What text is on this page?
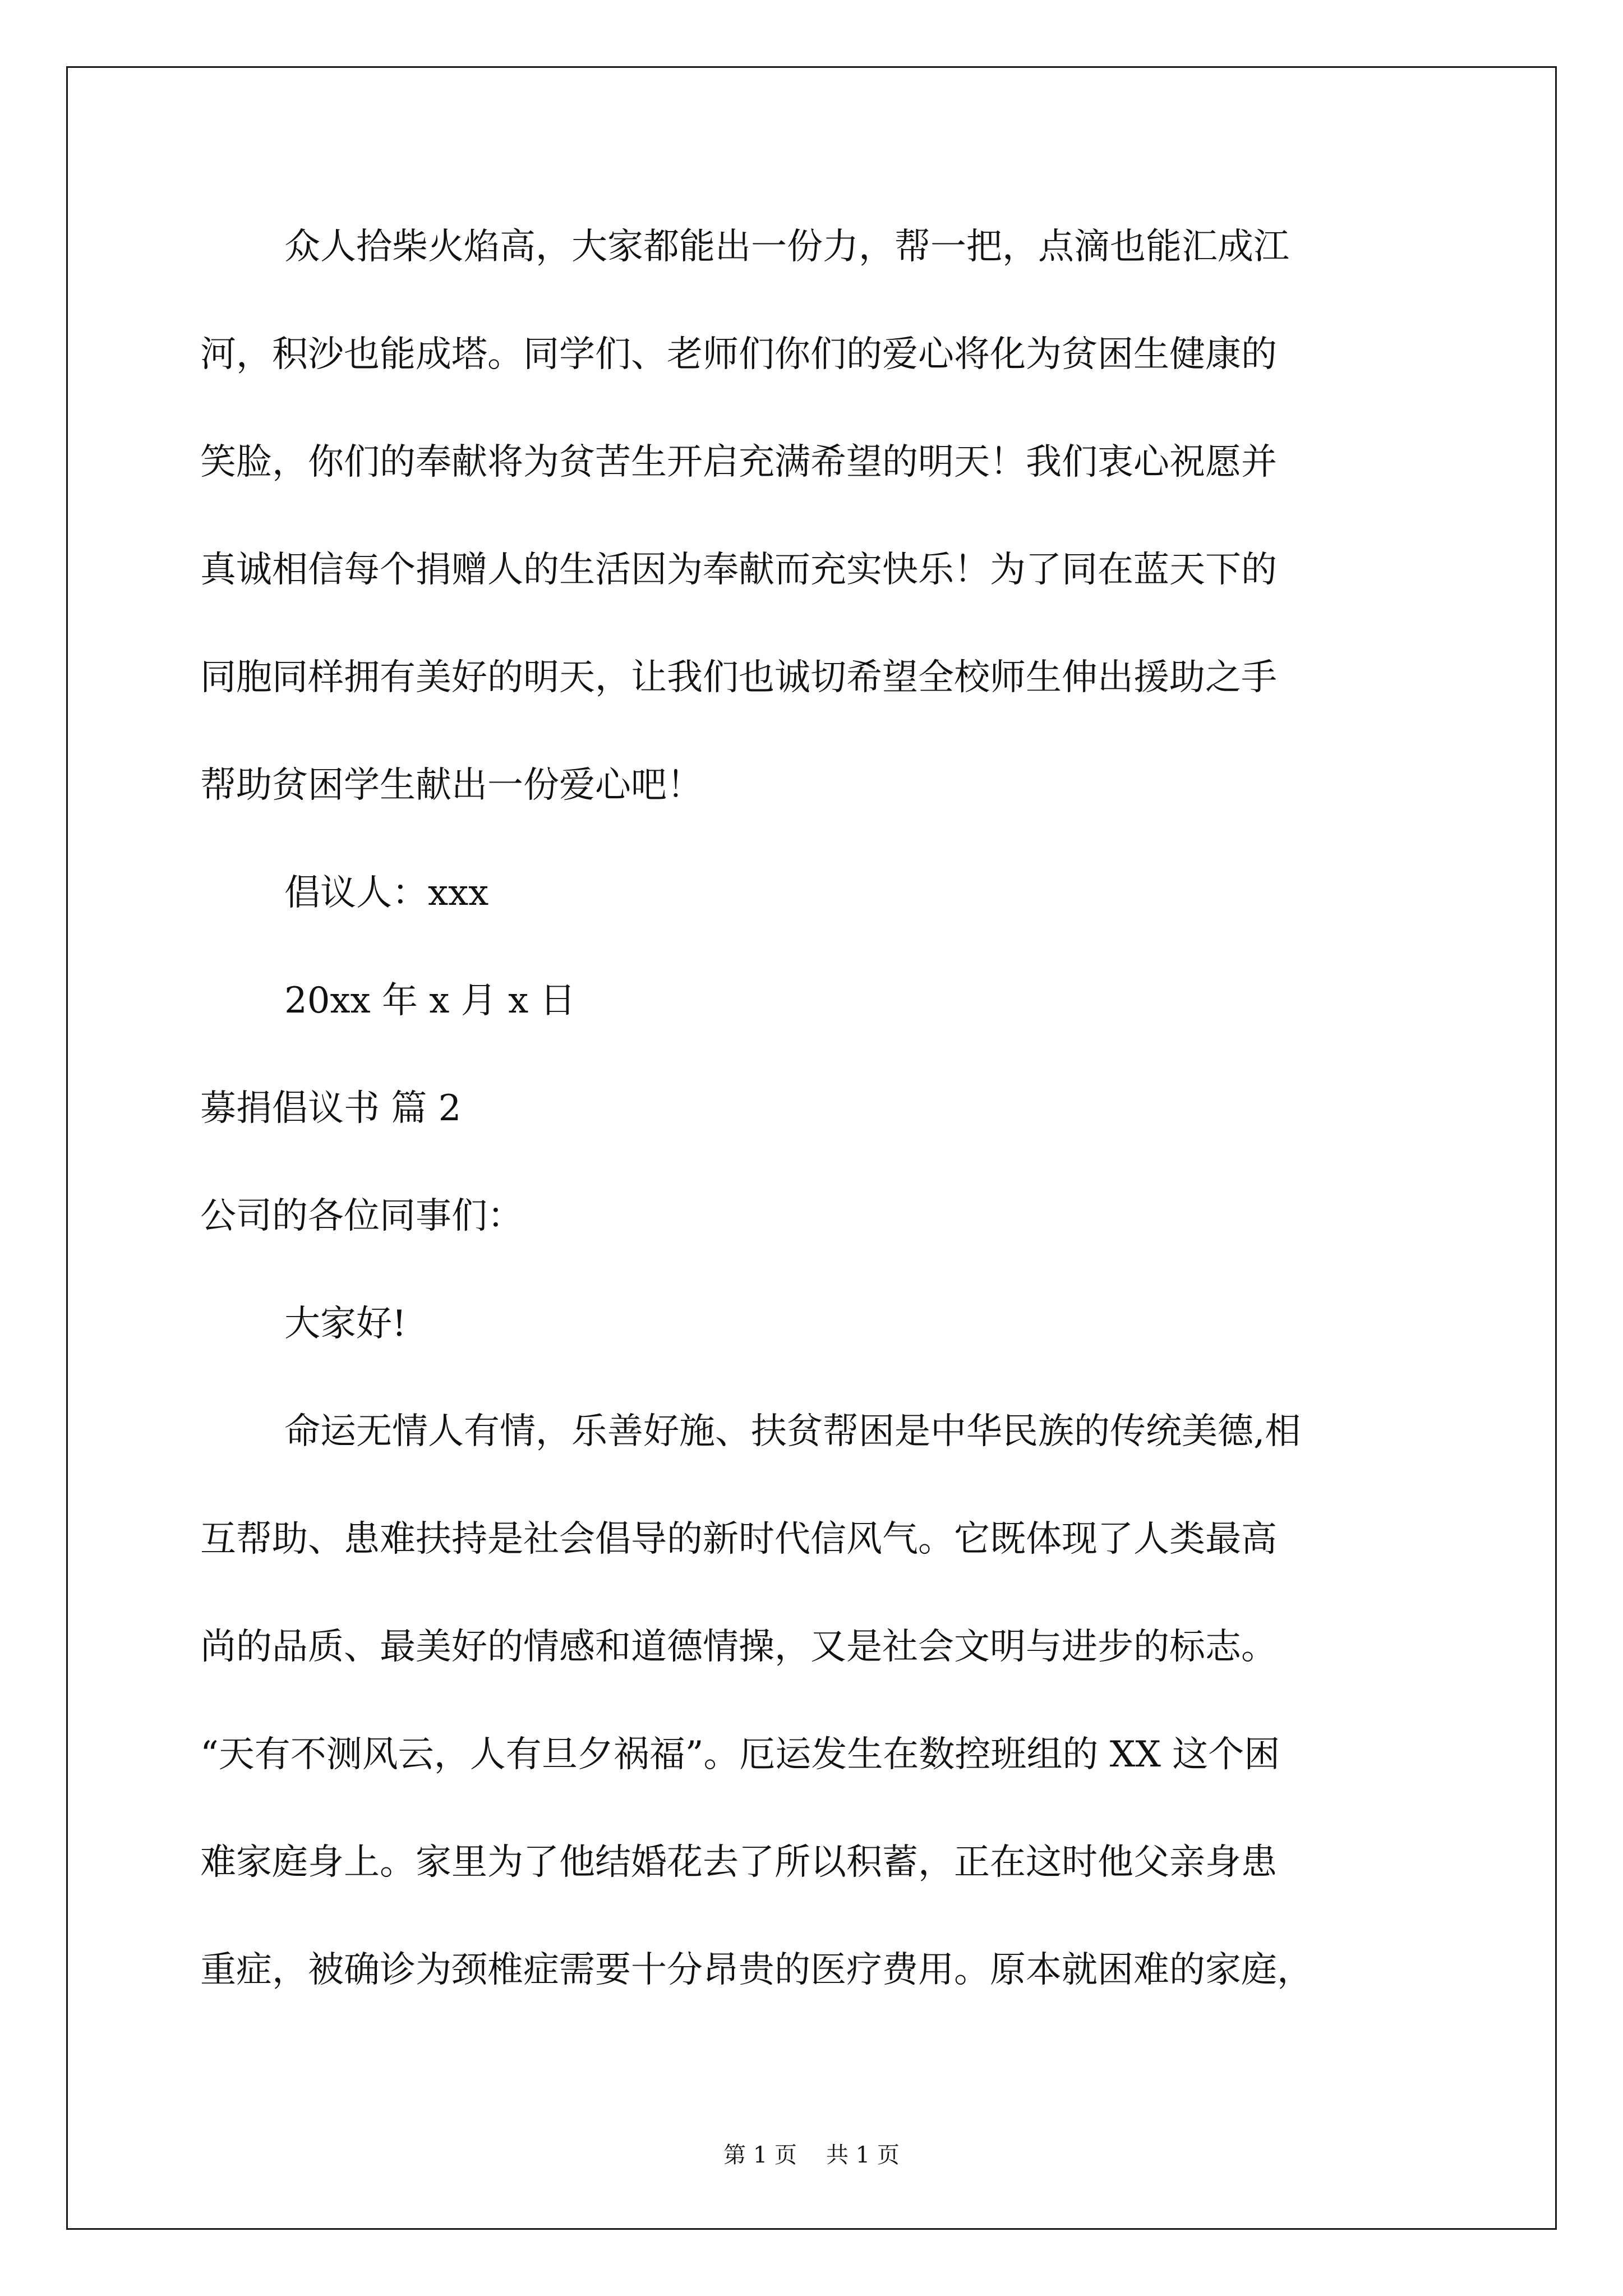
众人拾柴火焰高，大家都能出一份力，帮一把，点滴也能汇成江
河，积沙也能成塔。同学们、老师们你们的爱心将化为贫困生健康的
笑脸，你们的奉献将为贫苦生开启充满希望的明天！我们衷心祝愿并
真诚相信每个捐赠人的生活因为奉献而充实快乐！为了同在蓝天下的
同胞同样拥有美好的明天，让我们也诚切希望全校师生伸出援助之手
帮助贫困学生献出一份爱心吧！
倡议人：xxx
20xx 年 x 月 x 日
募捐倡议书 篇 2
公司的各位同事们：
大家好!
命运无情人有情，乐善好施、扶贫帮困是中华民族的传统美德,相
互帮助、患难扶持是社会倡导的新时代信风气。它既体现了人类最高
尚的品质、最美好的情感和道德情操，又是社会文明与进步的标志。
“天有不测风云，人有旦夕祸福”。厄运发生在数控班组的 XX 这个困
难家庭身上。家里为了他结婚花去了所以积蓄，正在这时他父亲身患
重症，被确诊为颈椎症需要十分昂贵的医疗费用。原本就困难的家庭，
第 1 页 共 1 页
